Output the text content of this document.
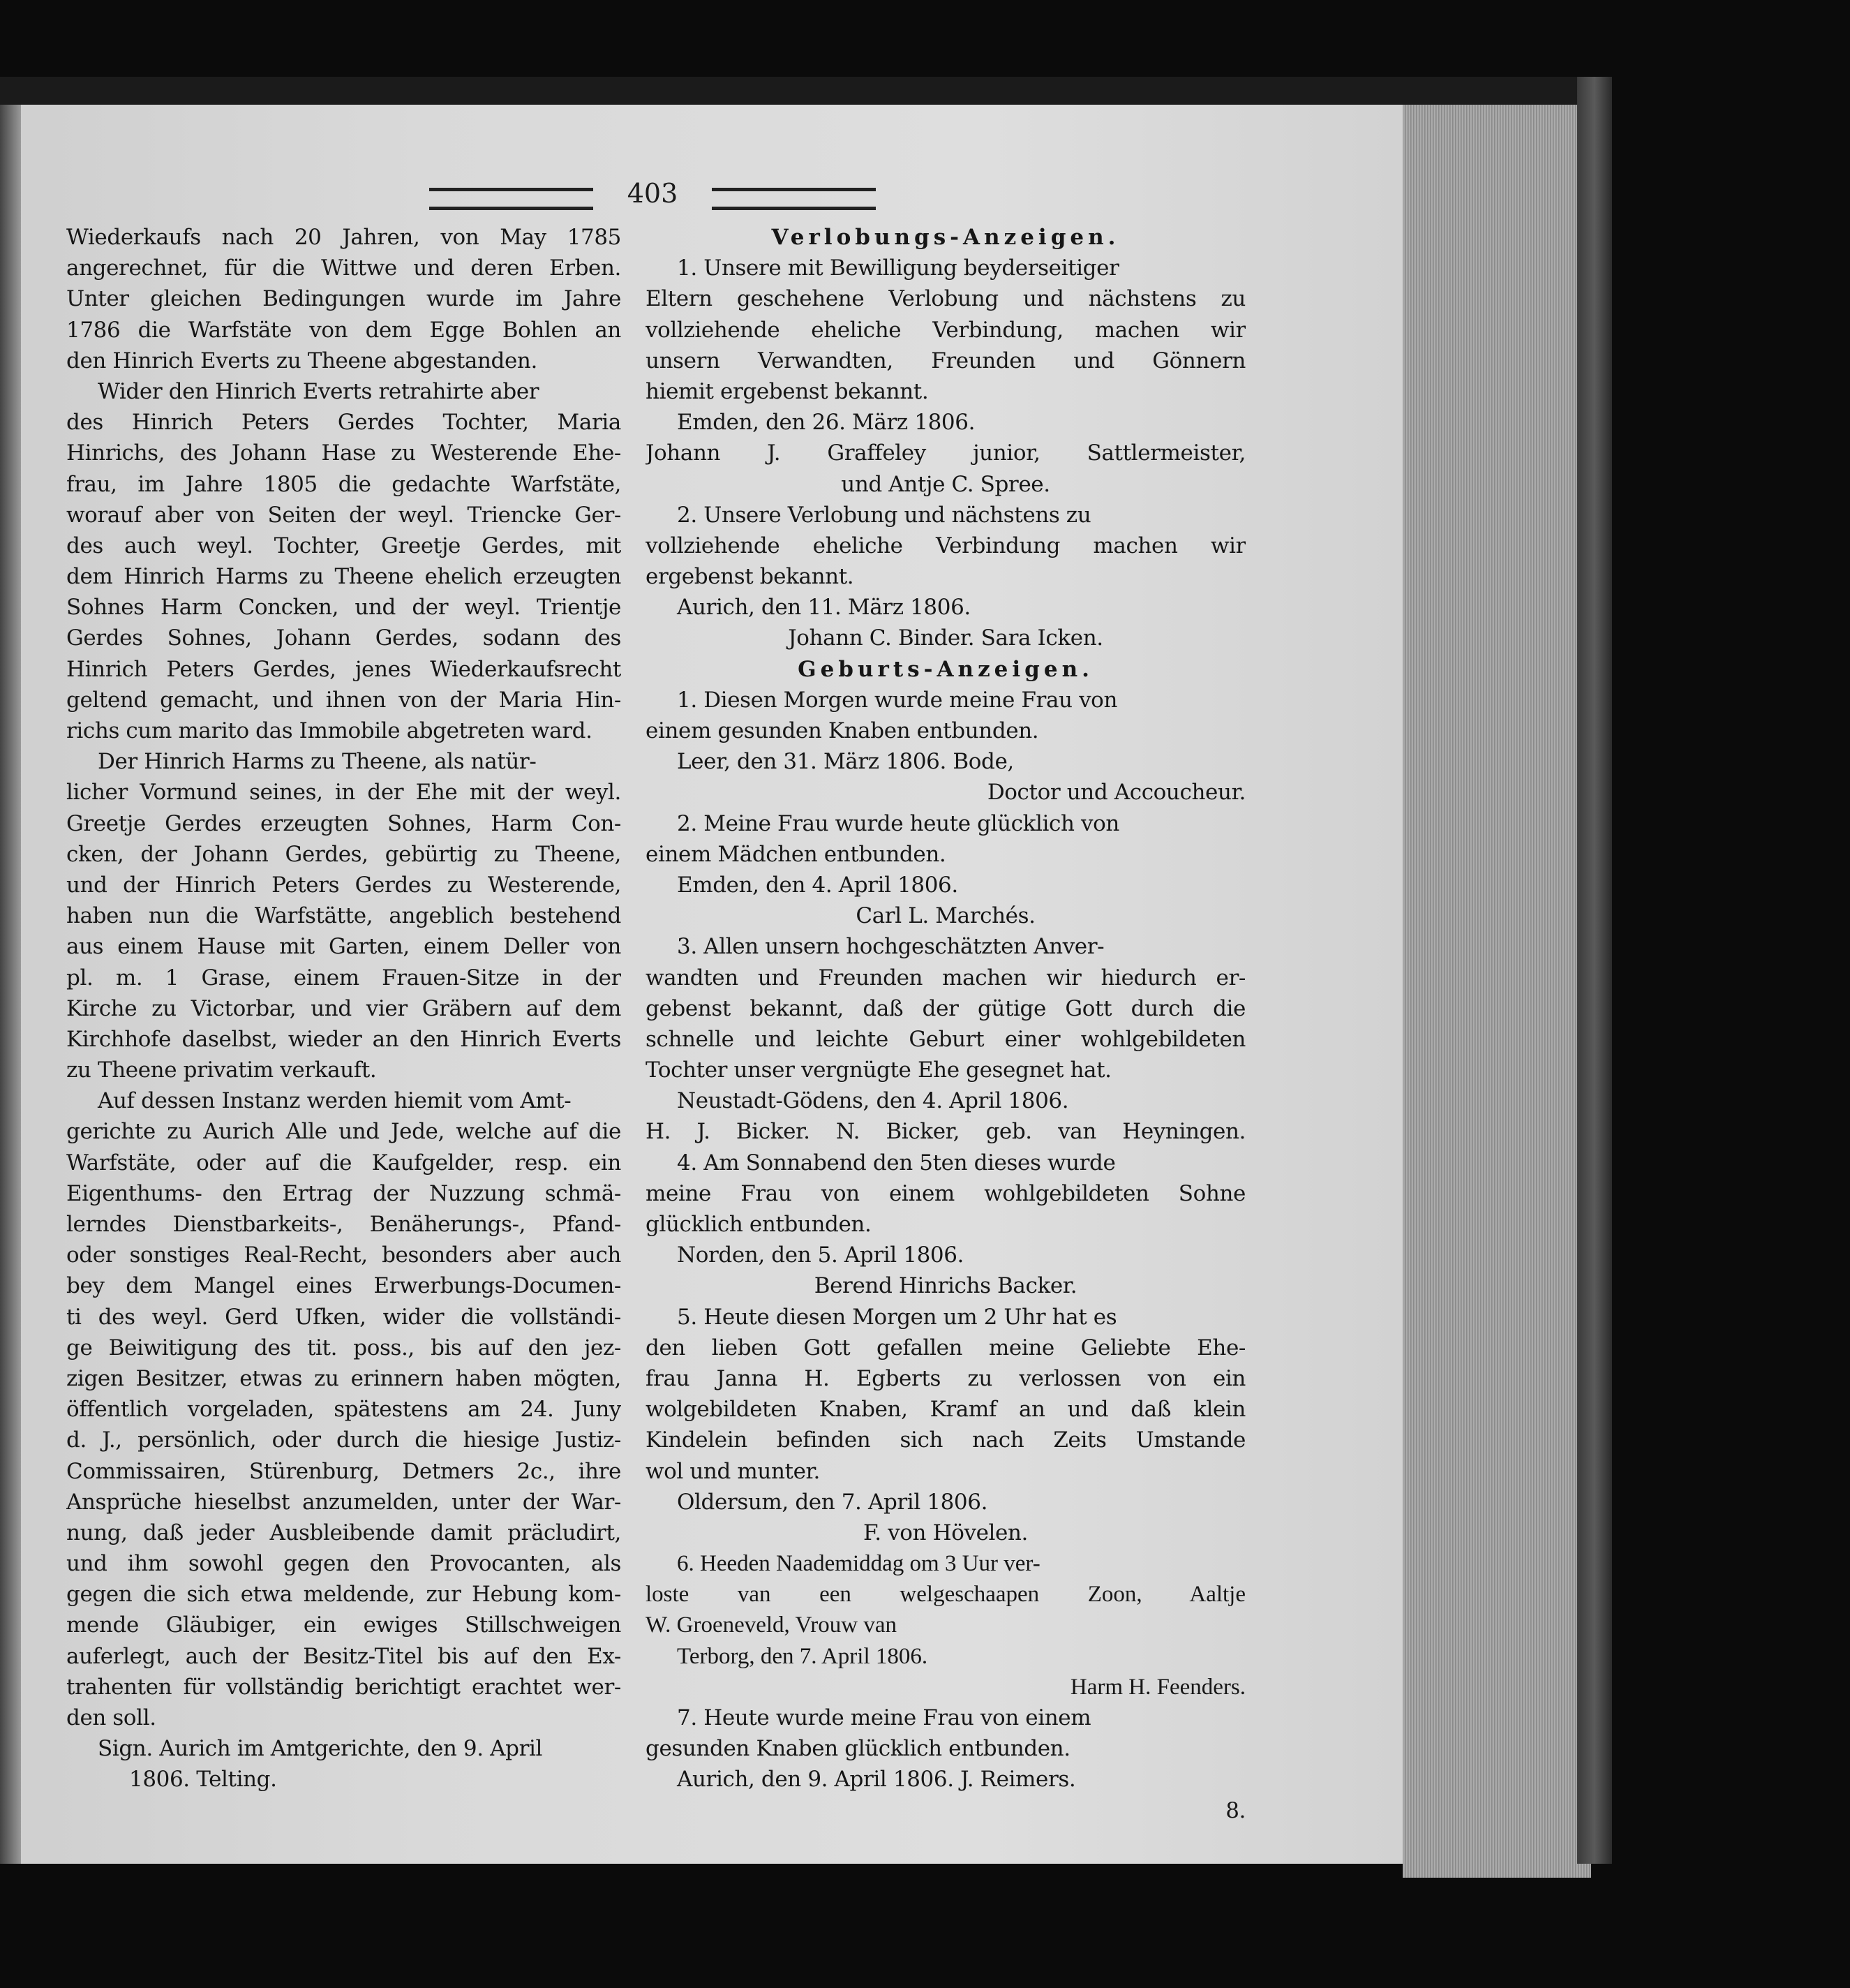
403
Wiederkaufs nach 20 Jahren, von May 1785
angerechnet, für die Wittwe und deren Erben.
Unter gleichen Bedingungen wurde im Jahre
1786 die Warfstäte von dem Egge Bohlen an
den Hinrich Everts zu Theene abgestanden.
Wider den Hinrich Everts retrahirte aber
des Hinrich Peters Gerdes Tochter, Maria
Hinrichs, des Johann Hase zu Westerende Ehe-
frau, im Jahre 1805 die gedachte Warfstäte,
worauf aber von Seiten der weyl. Triencke Ger-
des auch weyl. Tochter, Greetje Gerdes, mit
dem Hinrich Harms zu Theene ehelich erzeugten
Sohnes Harm Concken, und der weyl. Trientje
Gerdes Sohnes, Johann Gerdes, sodann des
Hinrich Peters Gerdes, jenes Wiederkaufsrecht
geltend gemacht, und ihnen von der Maria Hin-
richs cum marito das Immobile abgetreten ward.
Der Hinrich Harms zu Theene, als natür-
licher Vormund seines, in der Ehe mit der weyl.
Greetje Gerdes erzeugten Sohnes, Harm Con-
cken, der Johann Gerdes, gebürtig zu Theene,
und der Hinrich Peters Gerdes zu Westerende,
haben nun die Warfstätte, angeblich bestehend
aus einem Hause mit Garten, einem Deller von
pl. m. 1 Grase, einem Frauen-Sitze in der
Kirche zu Victorbar, und vier Gräbern auf dem
Kirchhofe daselbst, wieder an den Hinrich Everts
zu Theene privatim verkauft.
Auf dessen Instanz werden hiemit vom Amt-
gerichte zu Aurich Alle und Jede, welche auf die
Warfstäte, oder auf die Kaufgelder, resp. ein
Eigenthums- den Ertrag der Nuzzung schmä-
lerndes Dienstbarkeits-, Benäherungs-, Pfand-
oder sonstiges Real-Recht, besonders aber auch
bey dem Mangel eines Erwerbungs-Documen-
ti des weyl. Gerd Ufken, wider die vollständi-
ge Beiwitigung des tit. poss., bis auf den jez-
zigen Besitzer, etwas zu erinnern haben mögten,
öffentlich vorgeladen, spätestens am 24. Juny
d. J., persönlich, oder durch die hiesige Justiz-
Commissairen, Stürenburg, Detmers 2c., ihre
Ansprüche hieselbst anzumelden, unter der War-
nung, daß jeder Ausbleibende damit präcludirt,
und ihm sowohl gegen den Provocanten, als
gegen die sich etwa meldende, zur Hebung kom-
mende Gläubiger, ein ewiges Stillschweigen
auferlegt, auch der Besitz-Titel bis auf den Ex-
trahenten für vollständig berichtigt erachtet wer-
den soll.
Sign. Aurich im Amtgerichte, den 9. April
1806. Telting.
Verlobungs-Anzeigen.
1. Unsere mit Bewilligung beyderseitiger
Eltern geschehene Verlobung und nächstens zu
vollziehende eheliche Verbindung, machen wir
unsern Verwandten, Freunden und Gönnern
hiemit ergebenst bekannt.
Emden, den 26. März 1806.
Johann J. Graffeley junior, Sattlermeister,
und Antje C. Spree.
2. Unsere Verlobung und nächstens zu
vollziehende eheliche Verbindung machen wir
ergebenst bekannt.
Aurich, den 11. März 1806.
Johann C. Binder. Sara Icken.
Geburts-Anzeigen.
1. Diesen Morgen wurde meine Frau von
einem gesunden Knaben entbunden.
Leer, den 31. März 1806. Bode,
Doctor und Accoucheur.
2. Meine Frau wurde heute glücklich von
einem Mädchen entbunden.
Emden, den 4. April 1806.
Carl L. Marchés.
3. Allen unsern hochgeschätzten Anver-
wandten und Freunden machen wir hiedurch er-
gebenst bekannt, daß der gütige Gott durch die
schnelle und leichte Geburt einer wohlgebildeten
Tochter unser vergnügte Ehe gesegnet hat.
Neustadt-Gödens, den 4. April 1806.
H. J. Bicker. N. Bicker, geb. van Heyningen.
4. Am Sonnabend den 5ten dieses wurde
meine Frau von einem wohlgebildeten Sohne
glücklich entbunden.
Norden, den 5. April 1806.
Berend Hinrichs Backer.
5. Heute diesen Morgen um 2 Uhr hat es
den lieben Gott gefallen meine Geliebte Ehe-
frau Janna H. Egberts zu verlossen von ein
wolgebildeten Knaben, Kramf an und daß klein
Kindelein befinden sich nach Zeits Umstande
wol und munter.
Oldersum, den 7. April 1806.
F. von Hövelen.
6. Heeden Naademiddag om 3 Uur ver-
loste van een welgeschaapen Zoon, Aaltje
W. Groeneveld, Vrouw van
Terborg, den 7. April 1806.
Harm H. Feenders.
7. Heute wurde meine Frau von einem
gesunden Knaben glücklich entbunden.
Aurich, den 9. April 1806. J. Reimers.
8.
